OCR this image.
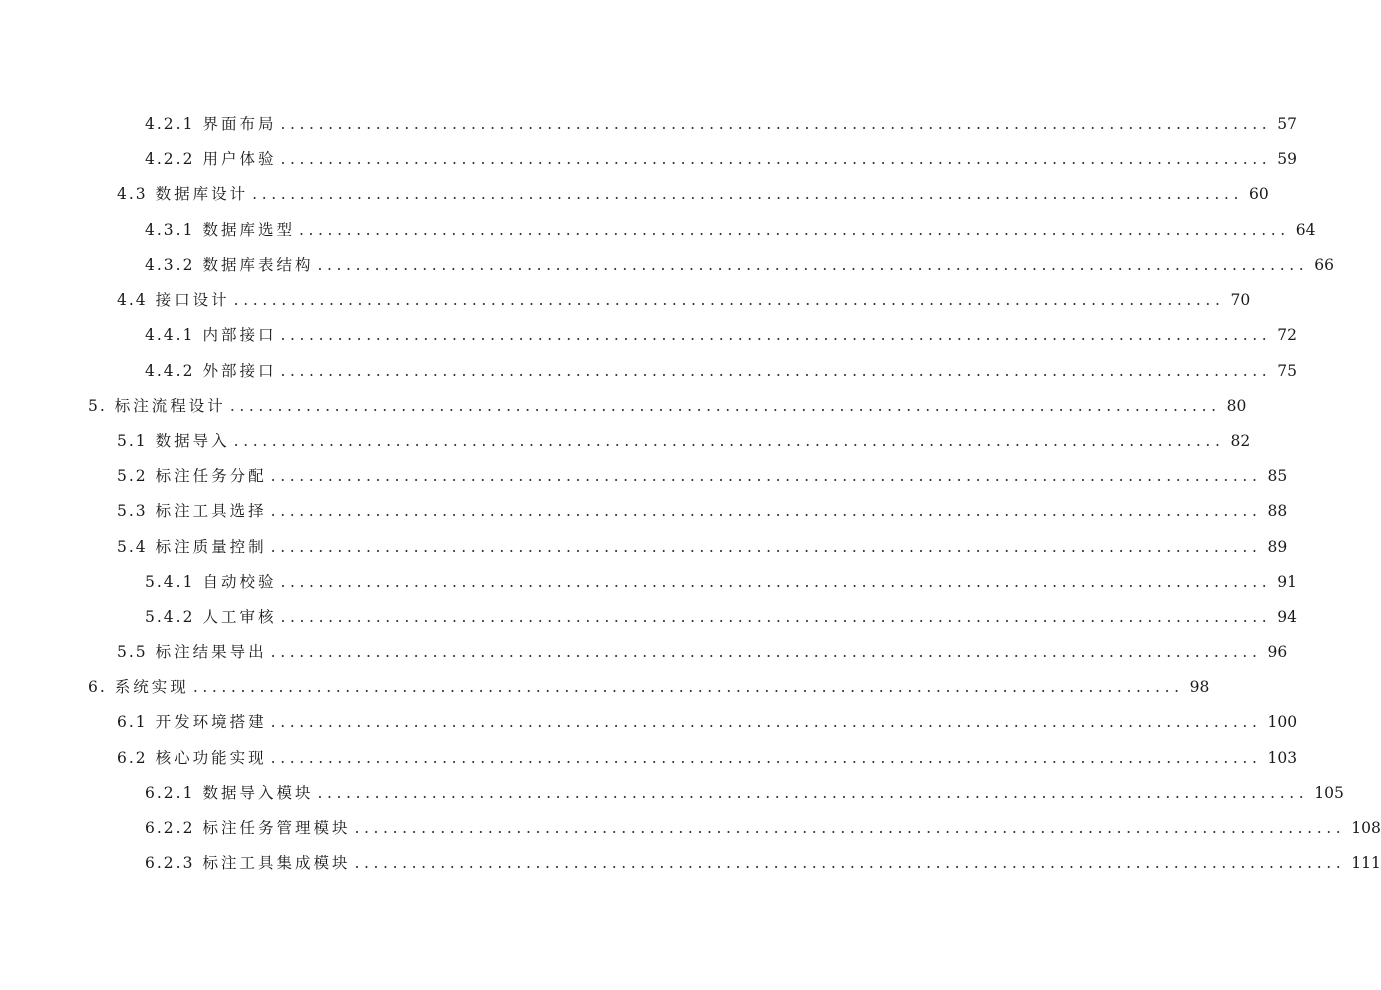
4.2.1 界面布局 ........................................................................................................ 57
4.2.2 用户体验 ........................................................................................................ 59
4.3 数据库设计 ........................................................................................................ 60
4.3.1 数据库选型 ........................................................................................................ 64
4.3.2 数据库表结构 ........................................................................................................ 66
4.4 接口设计 ........................................................................................................ 70
4.4.1 内部接口 ........................................................................................................ 72
4.4.2 外部接口 ........................................................................................................ 75
5. 标注流程设计 ........................................................................................................ 80
5.1 数据导入 ........................................................................................................ 82
5.2 标注任务分配 ........................................................................................................ 85
5.3 标注工具选择 ........................................................................................................ 88
5.4 标注质量控制 ........................................................................................................ 89
5.4.1 自动校验 ........................................................................................................ 91
5.4.2 人工审核 ........................................................................................................ 94
5.5 标注结果导出 ........................................................................................................ 96
6. 系统实现 ........................................................................................................ 98
6.1 开发环境搭建 ........................................................................................................ 100
6.2 核心功能实现 ........................................................................................................ 103
6.2.1 数据导入模块 ........................................................................................................ 105
6.2.2 标注任务管理模块 ........................................................................................................ 108
6.2.3 标注工具集成模块 ........................................................................................................ 111
